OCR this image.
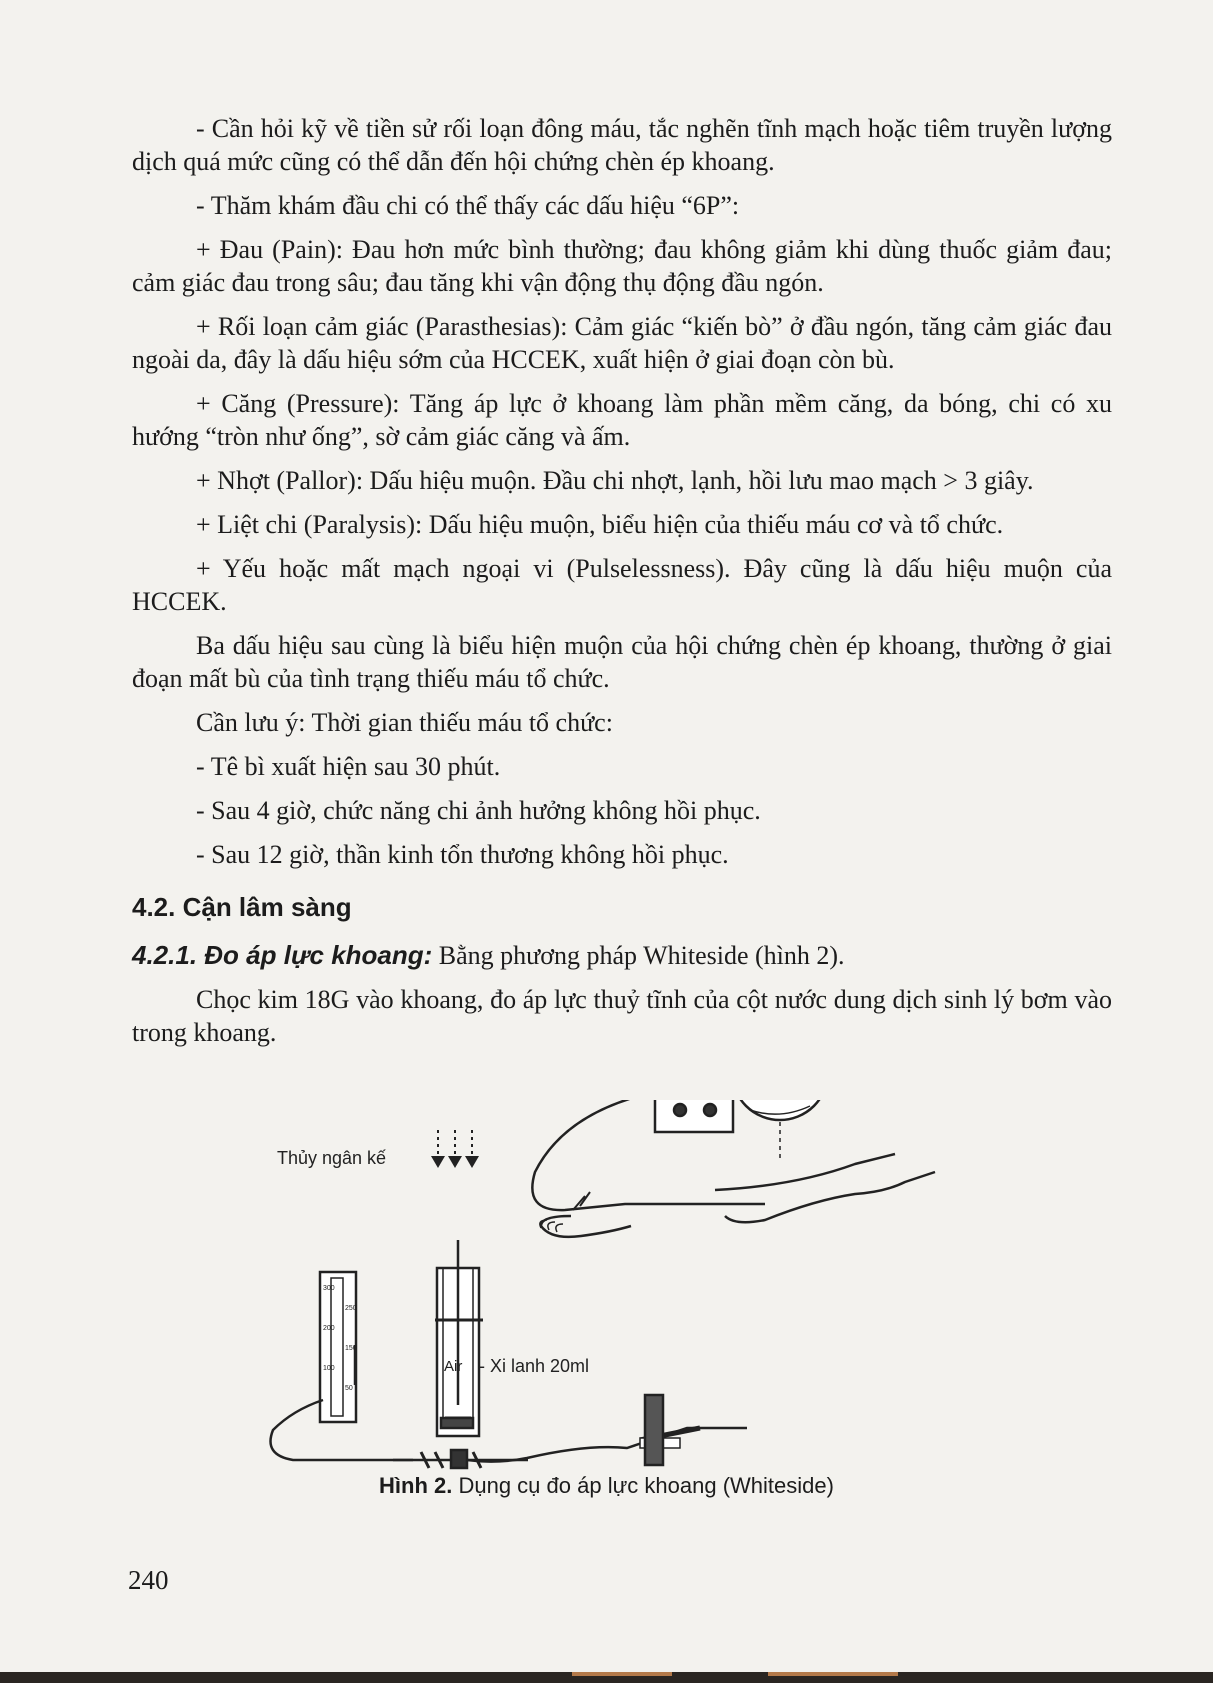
- Cần hỏi kỹ về tiền sử rối loạn đông máu, tắc nghẽn tĩnh mạch hoặc tiêm truyền lượng dịch quá mức cũng có thể dẫn đến hội chứng chèn ép khoang.

- Thăm khám đầu chi có thể thấy các dấu hiệu “6P”:

+ Đau (Pain): Đau hơn mức bình thường; đau không giảm khi dùng thuốc giảm đau; cảm giác đau trong sâu; đau tăng khi vận động thụ động đầu ngón.

+ Rối loạn cảm giác (Parasthesias): Cảm giác “kiến bò” ở đầu ngón, tăng cảm giác đau ngoài da, đây là dấu hiệu sớm của HCCEK, xuất hiện ở giai đoạn còn bù.

+ Căng (Pressure): Tăng áp lực ở khoang làm phần mềm căng, da bóng, chi có xu hướng “tròn như ống”, sờ cảm giác căng và ấm.

+ Nhợt (Pallor): Dấu hiệu muộn. Đầu chi nhợt, lạnh, hồi lưu mao mạch > 3 giây.

+ Liệt chi (Paralysis): Dấu hiệu muộn, biểu hiện của thiếu máu cơ và tổ chức.

+ Yếu hoặc mất mạch ngoại vi (Pulselessness). Đây cũng là dấu hiệu muộn của HCCEK.

Ba dấu hiệu sau cùng là biểu hiện muộn của hội chứng chèn ép khoang, thường ở giai đoạn mất bù của tình trạng thiếu máu tổ chức.

Cần lưu ý: Thời gian thiếu máu tổ chức:

- Tê bì xuất hiện sau 30 phút.

- Sau 4 giờ, chức năng chi ảnh hưởng không hồi phục.

- Sau 12 giờ, thần kinh tổn thương không hồi phục.

4.2. Cận lâm sàng

4.2.1. Đo áp lực khoang: Bằng phương pháp Whiteside (hình 2).

Chọc kim 18G vào khoang, đo áp lực thuỷ tĩnh của cột nước dung dịch sinh lý bơm vào trong khoang.

300
250
200
150
100
50
Thủy ngân kế
Air - Xi lanh 20ml
Hình 2. Dụng cụ đo áp lực khoang (Whiteside)
240
